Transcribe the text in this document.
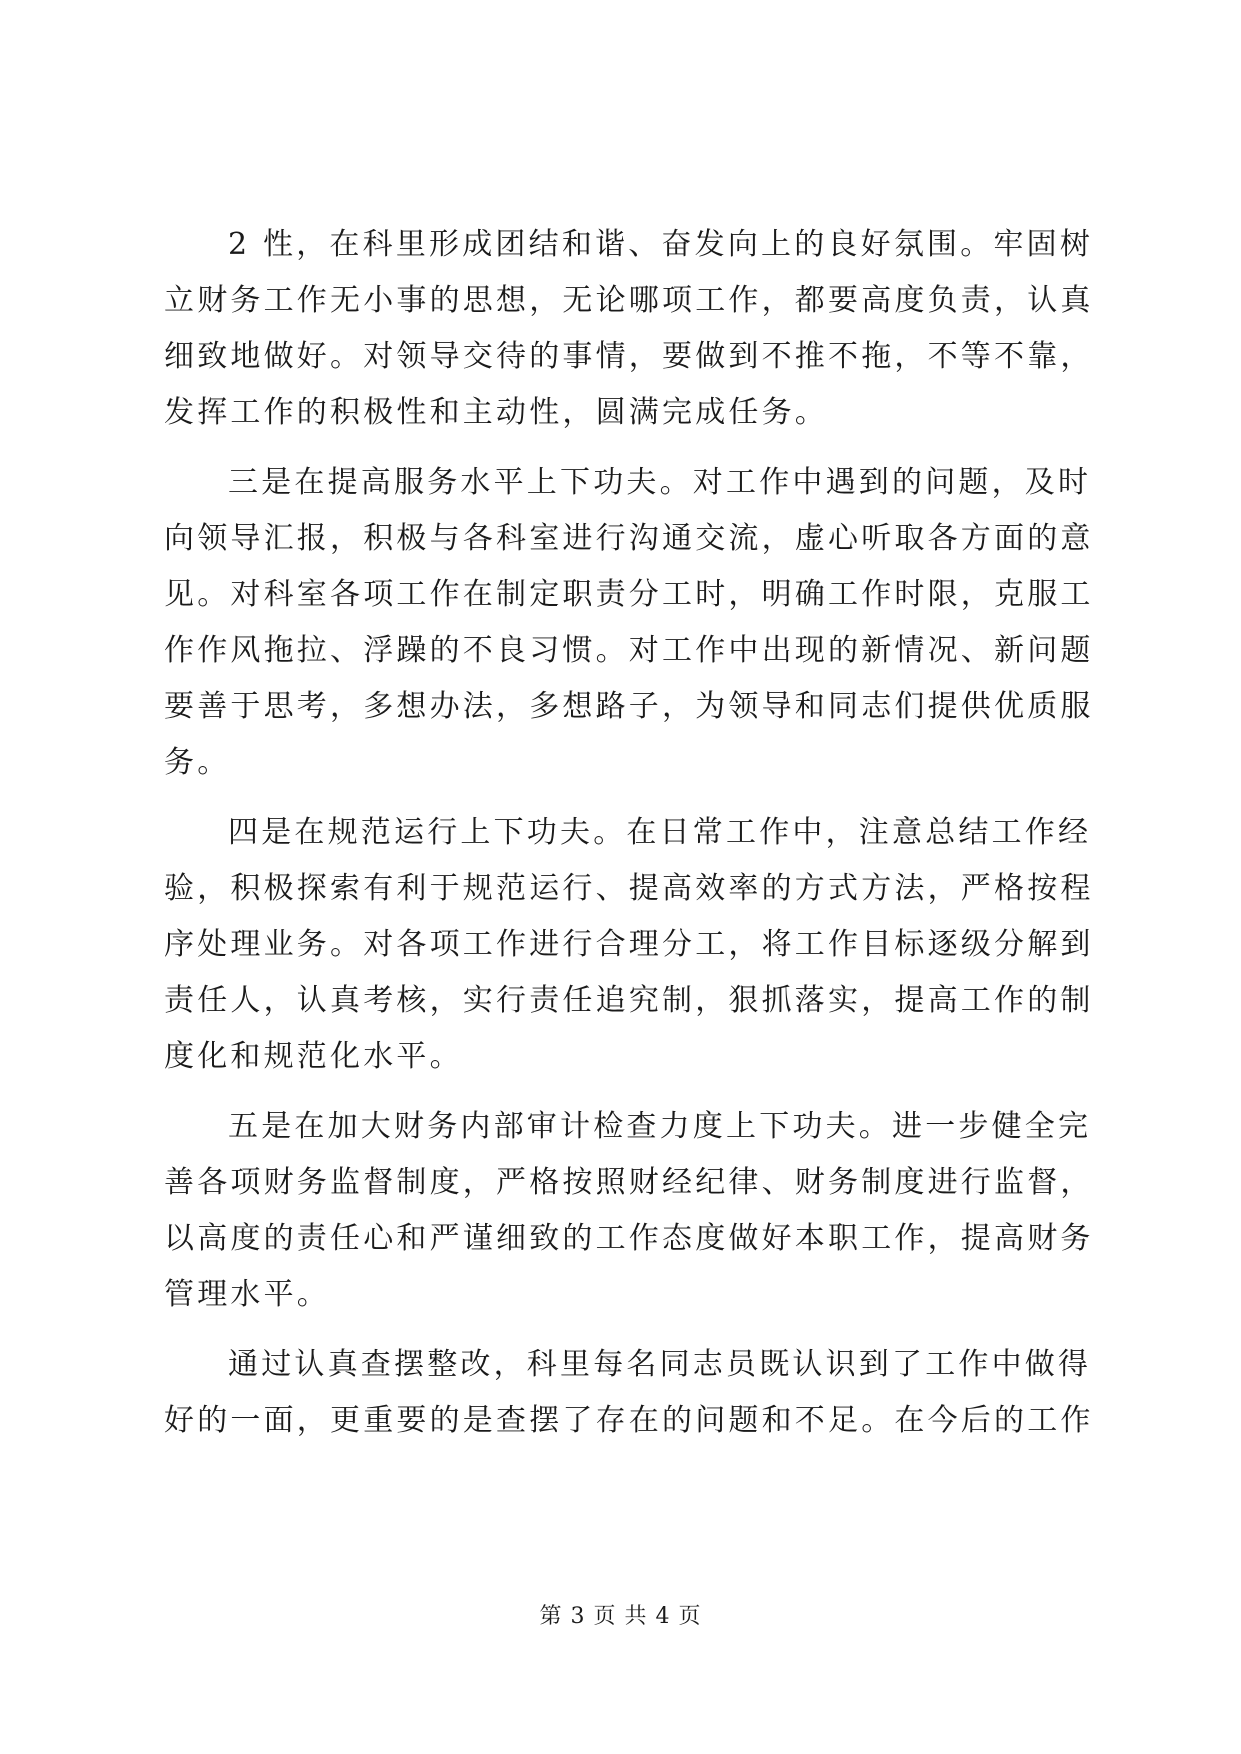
2 性，在科里形成团结和谐、奋发向上的良好氛围。牢固树
立财务工作无小事的思想，无论哪项工作，都要高度负责，认真
细致地做好。对领导交待的事情，要做到不推不拖，不等不靠，
发挥工作的积极性和主动性，圆满完成任务。
三是在提高服务水平上下功夫。对工作中遇到的问题，及时
向领导汇报，积极与各科室进行沟通交流，虚心听取各方面的意
见。对科室各项工作在制定职责分工时，明确工作时限，克服工
作作风拖拉、浮躁的不良习惯。对工作中出现的新情况、新问题
要善于思考，多想办法，多想路子，为领导和同志们提供优质服
务。
四是在规范运行上下功夫。在日常工作中，注意总结工作经
验，积极探索有利于规范运行、提高效率的方式方法，严格按程
序处理业务。对各项工作进行合理分工，将工作目标逐级分解到
责任人，认真考核，实行责任追究制，狠抓落实，提高工作的制
度化和规范化水平。
五是在加大财务内部审计检查力度上下功夫。进一步健全完
善各项财务监督制度，严格按照财经纪律、财务制度进行监督，
以高度的责任心和严谨细致的工作态度做好本职工作，提高财务
管理水平。
通过认真查摆整改，科里每名同志员既认识到了工作中做得
好的一面，更重要的是查摆了存在的问题和不足。在今后的工作
第 3 页 共 4 页
